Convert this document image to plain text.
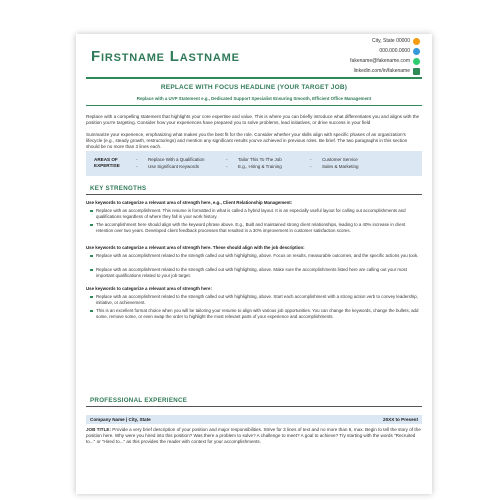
Firstname Lastname
City, State 00000
000.000.0000
fakename@fakename.com
linkedin.com/in/fakename
REPLACE WITH FOCUS HEADLINE (YOUR TARGET JOB)
Replace with a UVP Statement e.g., Dedicated Support Specialist Ensuring Smooth, Efficient Office Management
Replace with a compelling statement that highlights your core expertise and value. This is where you can briefly introduce what differentiates you and aligns with the position you're targeting. Consider how your experiences have prepared you to solve problems, lead initiatives, or drive success in your field
Summarize your experience, emphasizing what makes you the best fit for the role. Consider whether your skills align with specific phases of an organization's lifecycle (e.g., steady growth, restructurings) and mention any significant results you've achieved in previous roles. Be brief. The two paragraphs in this section should be no more than 3 lines each.
AREAS OF
EXPERTISE
- Replace With a Qualification	- Tailor This To The Job	- Customer Service
- Use Significant Keywords	- E.g., Hiring & Training	- Sales & Marketing
KEY STRENGTHS
Use keywords to categorize a relevant area of strength here, e.g., Client Relationship Management:
Replace with an accomplishment. This resume is formatted in what is called a hybrid layout. It is an especially useful layout for calling out accomplishments and qualifications regardless of where they fall in your work history.
The accomplishment here should align with the keyword phrase above. E.g., Built and maintained strong client relationships, leading to a 40% increase in client retention over two years. Developed client feedback processes that resulted in a 30% improvement in customer satisfaction scores.
Use keywords to categorize a relevant area of strength here. These should align with the job description:
Replace with an accomplishment related to the strength called out with highlighting, above. Focus on results, measurable outcomes, and the specific actions you took.
Replace with an accomplishment related to the strength called out with highlighting, above. Make sure the accomplishments listed here are calling out your most important qualifications related to your job target.
Use keywords to categorize a relevant area of strength here:
Replace with an accomplishment related to the strength called out with highlighting, above. Start each accomplishment with a strong action verb to convey leadership, initiative, or achievement.
This is an excellent format choice when you will be tailoring your resume to align with various job opportunities. You can change the keywords, change the bullets, add some, remove some, or even swap the order to highlight the most relevant parts of your experience and accomplishments.
PROFESSIONAL EXPERIENCE
Company Name | City, State	20XX to Present
JOB TITLE: Provide a very brief description of your position and major responsibilities. Strive for 3 lines of text and no more than 5, max. Begin to tell the story of the position here. Why were you hired into this position? Was there a problem to solve? A challenge to meet? A goal to achieve? Try starting with the words "Recruited to..." or "Hired to..." as this provides the reader with context for your accomplishments.
